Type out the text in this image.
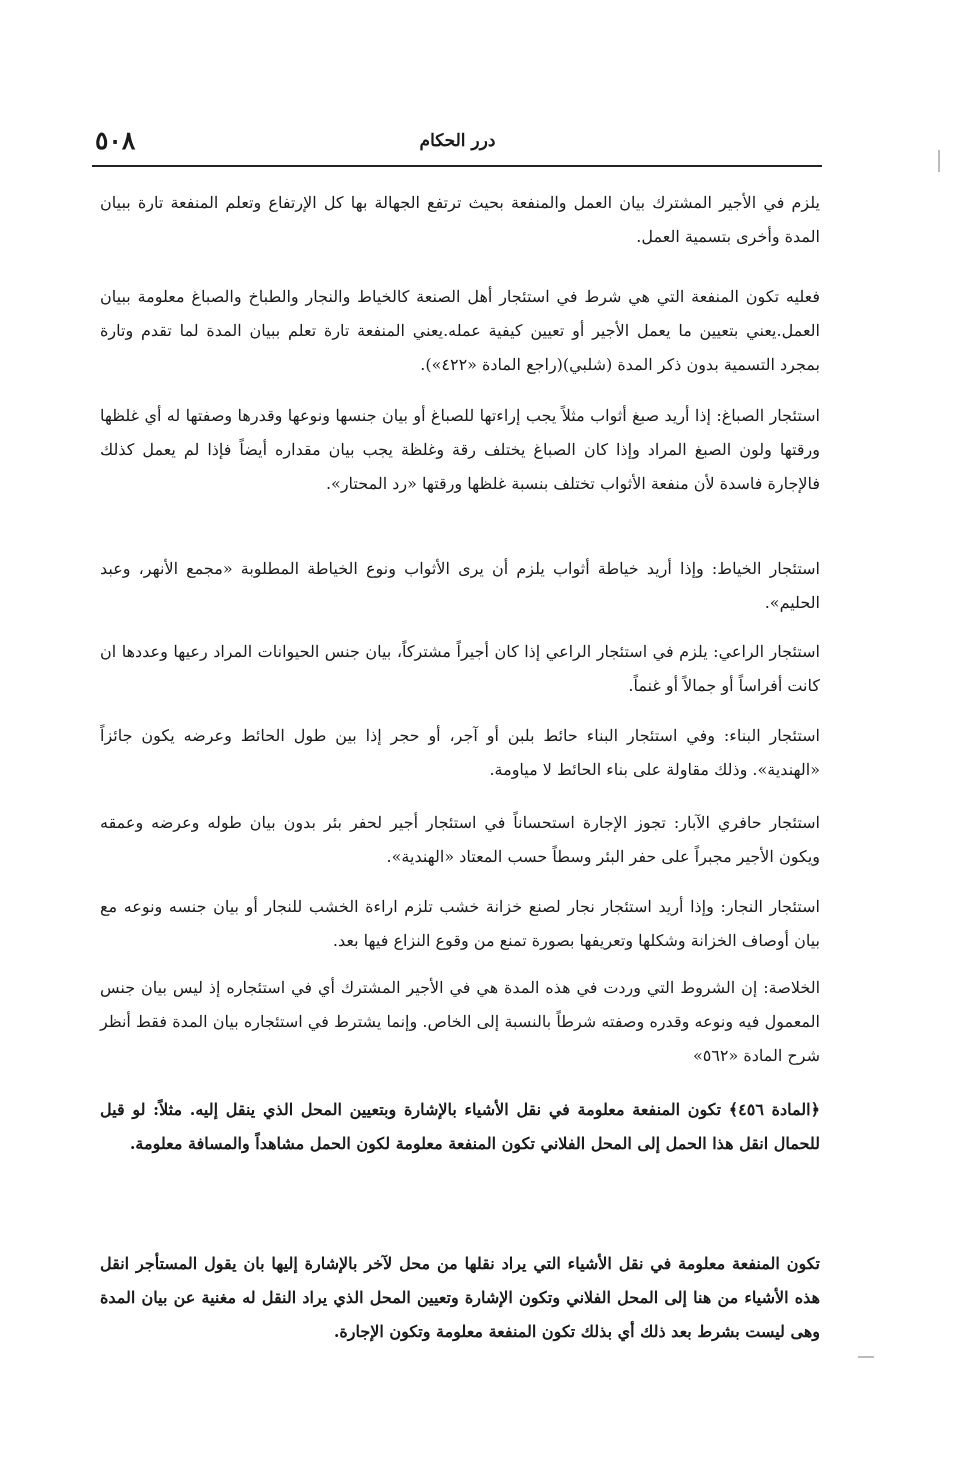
٥٠٨	درر الحكام

يلزم في الأجير المشترك بيان العمل والمنفعة بحيث ترتفع الجهالة بها كل الإرتفاع وتعلم المنفعة تارة ببيان المدة وأخرى بتسمية العمل.

فعليه تكون المنفعة التي هي شرط في استئجار أهل الصنعة كالخياط والنجار والطباخ والصباغ معلومة ببيان العمل.يعني بتعيين ما يعمل الأجير أو تعيين كيفية عمله.يعني المنفعة تارة تعلم ببيان المدة لما تقدم وتارة بمجرد التسمية بدون ذكر المدة (شلبي)(راجع المادة «٤٢٢»).

استئجار الصباغ: إذا أريد صبغ أثواب مثلاً يجب إراءتها للصباغ أو بيان جنسها ونوعها وقدرها وصفتها له أي غلظها ورقتها ولون الصبغ المراد وإذا كان الصباغ يختلف رقة وغلظة يجب بيان مقداره أيضاً فإذا لم يعمل كذلك فالإجارة فاسدة لأن منفعة الأثواب تختلف بنسبة غلظها ورقتها «رد المحتار».

استئجار الخياط: وإذا أريد خياطة أثواب يلزم أن يرى الأثواب ونوع الخياطة المطلوبة «مجمع الأنهر، وعبد الحليم».

استئجار الراعي: يلزم في استئجار الراعي إذا كان أجيراً مشتركاً، بيان جنس الحيوانات المراد رعيها وعددها ان كانت أفراساً أو جمالاً أو غنماً.

استئجار البناء: وفي استئجار البناء حائط بلبن أو آجر، أو حجر إذا بين طول الحائط وعرضه يكون جائزاً «الهندية». وذلك مقاولة على بناء الحائط لا مياومة.

استئجار حافري الآبار: تجوز الإجارة استحساناً في استئجار أجير لحفر بئر بدون بيان طوله وعرضه وعمقه ويكون الأجير مجبراً على حفر البئر وسطاً حسب المعتاد «الهندية».

استئجار النجار: وإذا أريد استئجار نجار لصنع خزانة خشب تلزم اراءة الخشب للنجار أو بيان جنسه ونوعه مع بيان أوصاف الخزانة وشكلها وتعريفها بصورة تمنع من وقوع النزاع فيها بعد.

الخلاصة: إن الشروط التي وردت في هذه المدة هي في الأجير المشترك أي في استئجاره إذ ليس بيان جنس المعمول فيه ونوعه وقدره وصفته شرطاً بالنسبة إلى الخاص. وإنما يشترط في استئجاره بيان المدة فقط أنظر شرح المادة «٥٦٢»

﴿المادة ٤٥٦﴾ تكون المنفعة معلومة في نقل الأشياء بالإشارة وبتعيين المحل الذي ينقل إليه. مثلاً: لو قيل للحمال انقل هذا الحمل إلى المحل الفلاني تكون المنفعة معلومة لكون الحمل مشاهداً والمسافة معلومة.

تكون المنفعة معلومة في نقل الأشياء التي يراد نقلها من محل لآخر بالإشارة إليها بان يقول المستأجر انقل هذه الأشياء من هنا إلى المحل الفلاني وتكون الإشارة وتعيين المحل الذي يراد النقل له مغنية عن بيان المدة وهى ليست بشرط بعد ذلك أي بذلك تكون المنفعة معلومة وتكون الإجارة.
